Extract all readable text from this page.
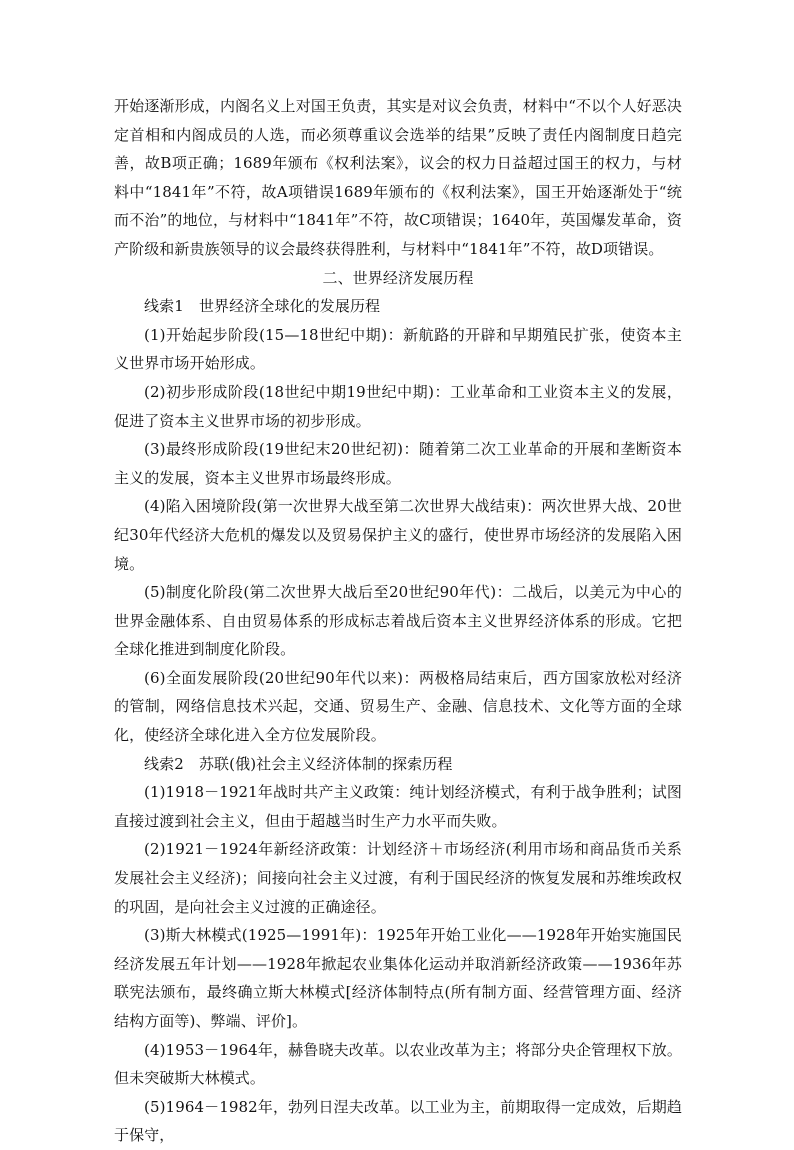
开始逐渐形成，内阁名义上对国王负责，其实是对议会负责，材料中“不以个人好恶决定首相和内阁成员的人选，而必须尊重议会选举的结果”反映了责任内阁制度日趋完善，故B项正确；1689年颁布《权利法案》，议会的权力日益超过国王的权力，与材料中“1841年”不符，故A项错误1689年颁布的《权利法案》，国王开始逐渐处于“统而不治”的地位，与材料中“1841年”不符，故C项错误；1640年，英国爆发革命，资产阶级和新贵族领导的议会最终获得胜利，与材料中“1841年”不符，故D项错误。

二、世界经济发展历程

线索1　世界经济全球化的发展历程

(1)开始起步阶段(15—18世纪中期)：新航路的开辟和早期殖民扩张，使资本主义世界市场开始形成。

(2)初步形成阶段(18世纪中期19世纪中期)：工业革命和工业资本主义的发展，促进了资本主义世界市场的初步形成。

(3)最终形成阶段(19世纪末20世纪初)：随着第二次工业革命的开展和垄断资本主义的发展，资本主义世界市场最终形成。

(4)陷入困境阶段(第一次世界大战至第二次世界大战结束)：两次世界大战、20世纪30年代经济大危机的爆发以及贸易保护主义的盛行，使世界市场经济的发展陷入困境。

(5)制度化阶段(第二次世界大战后至20世纪90年代)：二战后，以美元为中心的世界金融体系、自由贸易体系的形成标志着战后资本主义世界经济体系的形成。它把全球化推进到制度化阶段。

(6)全面发展阶段(20世纪90年代以来)：两极格局结束后，西方国家放松对经济的管制，网络信息技术兴起，交通、贸易生产、金融、信息技术、文化等方面的全球化，使经济全球化进入全方位发展阶段。

线索2　苏联(俄)社会主义经济体制的探索历程

(1)1918－1921年战时共产主义政策：纯计划经济模式，有利于战争胜利；试图直接过渡到社会主义，但由于超越当时生产力水平而失败。

(2)1921－1924年新经济政策：计划经济＋市场经济(利用市场和商品货币关系发展社会主义经济)；间接向社会主义过渡，有利于国民经济的恢复发展和苏维埃政权的巩固，是向社会主义过渡的正确途径。

(3)斯大林模式(1925—1991年)：1925年开始工业化——1928年开始实施国民经济发展五年计划——1928年掀起农业集体化运动并取消新经济政策——1936年苏联宪法颁布，最终确立斯大林模式[经济体制特点(所有制方面、经营管理方面、经济结构方面等)、弊端、评价]。

(4)1953－1964年，赫鲁晓夫改革。以农业改革为主；将部分央企管理权下放。但未突破斯大林模式。

(5)1964－1982年，勃列日涅夫改革。以工业为主，前期取得一定成效，后期趋于保守，
